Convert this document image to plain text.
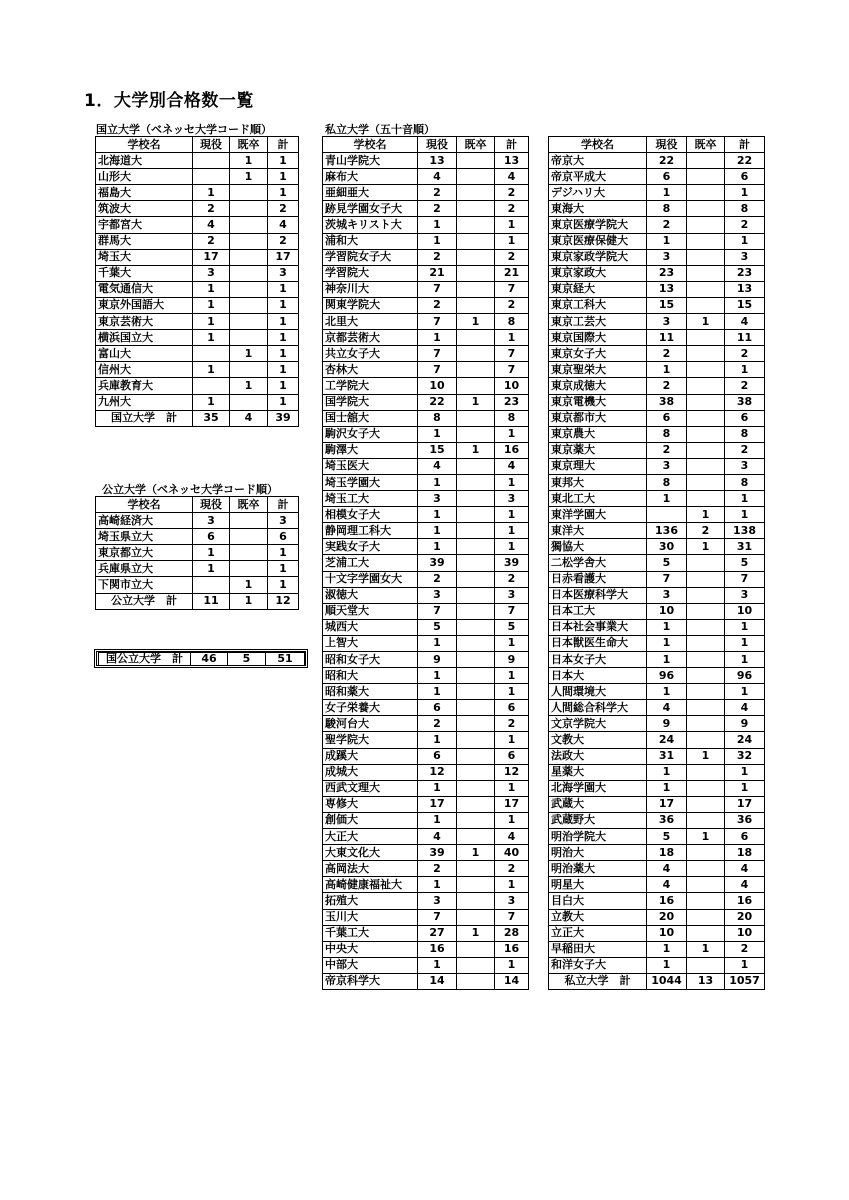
1．大学別合格数一覧
国立大学（ベネッセ大学コード順）
学校名	現役	既卒	計
北海道大		1	1
山形大		1	1
福島大	1		1
筑波大	2		2
宇都宮大	4		4
群馬大	2		2
埼玉大	17		17
千葉大	3		3
電気通信大	1		1
東京外国語大	1		1
東京芸術大	1		1
横浜国立大	1		1
富山大		1	1
信州大	1		1
兵庫教育大		1	1
九州大	1		1
国立大学　計	35	4	39
公立大学（ベネッセ大学コード順）
学校名	現役	既卒	計
高崎経済大	3		3
埼玉県立大	6		6
東京都立大	1		1
兵庫県立大	1		1
下関市立大		1	1
公立大学　計	11	1	12
国公立大学　計	46	5	51
私立大学（五十音順）
学校名	現役	既卒	計
青山学院大	13		13
麻布大	4		4
亜細亜大	2		2
跡見学園女子大	2		2
茨城キリスト大	1		1
浦和大	1		1
学習院女子大	2		2
学習院大	21		21
神奈川大	7		7
関東学院大	2		2
北里大	7	1	8
京都芸術大	1		1
共立女子大	7		7
杏林大	7		7
工学院大	10		10
国学院大	22	1	23
国士舘大	8		8
駒沢女子大	1		1
駒澤大	15	1	16
埼玉医大	4		4
埼玉学園大	1		1
埼玉工大	3		3
相模女子大	1		1
静岡理工科大	1		1
実践女子大	1		1
芝浦工大	39		39
十文字学園女大	2		2
淑徳大	3		3
順天堂大	7		7
城西大	5		5
上智大	1		1
昭和女子大	9		9
昭和大	1		1
昭和薬大	1		1
女子栄養大	6		6
駿河台大	2		2
聖学院大	1		1
成蹊大	6		6
成城大	12		12
西武文理大	1		1
専修大	17		17
創価大	1		1
大正大	4		4
大東文化大	39	1	40
高岡法大	2		2
高崎健康福祉大	1		1
拓殖大	3		3
玉川大	7		7
千葉工大	27	1	28
中央大	16		16
中部大	1		1
帝京科学大	14		14
学校名	現役	既卒	計
帝京大	22		22
帝京平成大	6		6
デジハリ大	1		1
東海大	8		8
東京医療学院大	2		2
東京医療保健大	1		1
東京家政学院大	3		3
東京家政大	23		23
東京経大	13		13
東京工科大	15		15
東京工芸大	3	1	4
東京国際大	11		11
東京女子大	2		2
東京聖栄大	1		1
東京成徳大	2		2
東京電機大	38		38
東京都市大	6		6
東京農大	8		8
東京薬大	2		2
東京理大	3		3
東邦大	8		8
東北工大	1		1
東洋学園大		1	1
東洋大	136	2	138
獨協大	30	1	31
二松学舎大	5		5
日赤看護大	7		7
日本医療科学大	3		3
日本工大	10		10
日本社会事業大	1		1
日本獣医生命大	1		1
日本女子大	1		1
日本大	96		96
人間環境大	1		1
人間総合科学大	4		4
文京学院大	9		9
文教大	24		24
法政大	31	1	32
星薬大	1		1
北海学園大	1		1
武蔵大	17		17
武蔵野大	36		36
明治学院大	5	1	6
明治大	18		18
明治薬大	4		4
明星大	4		4
目白大	16		16
立教大	20		20
立正大	10		10
早稲田大	1	1	2
和洋女子大	1		1
私立大学　計	1044	13	1057
